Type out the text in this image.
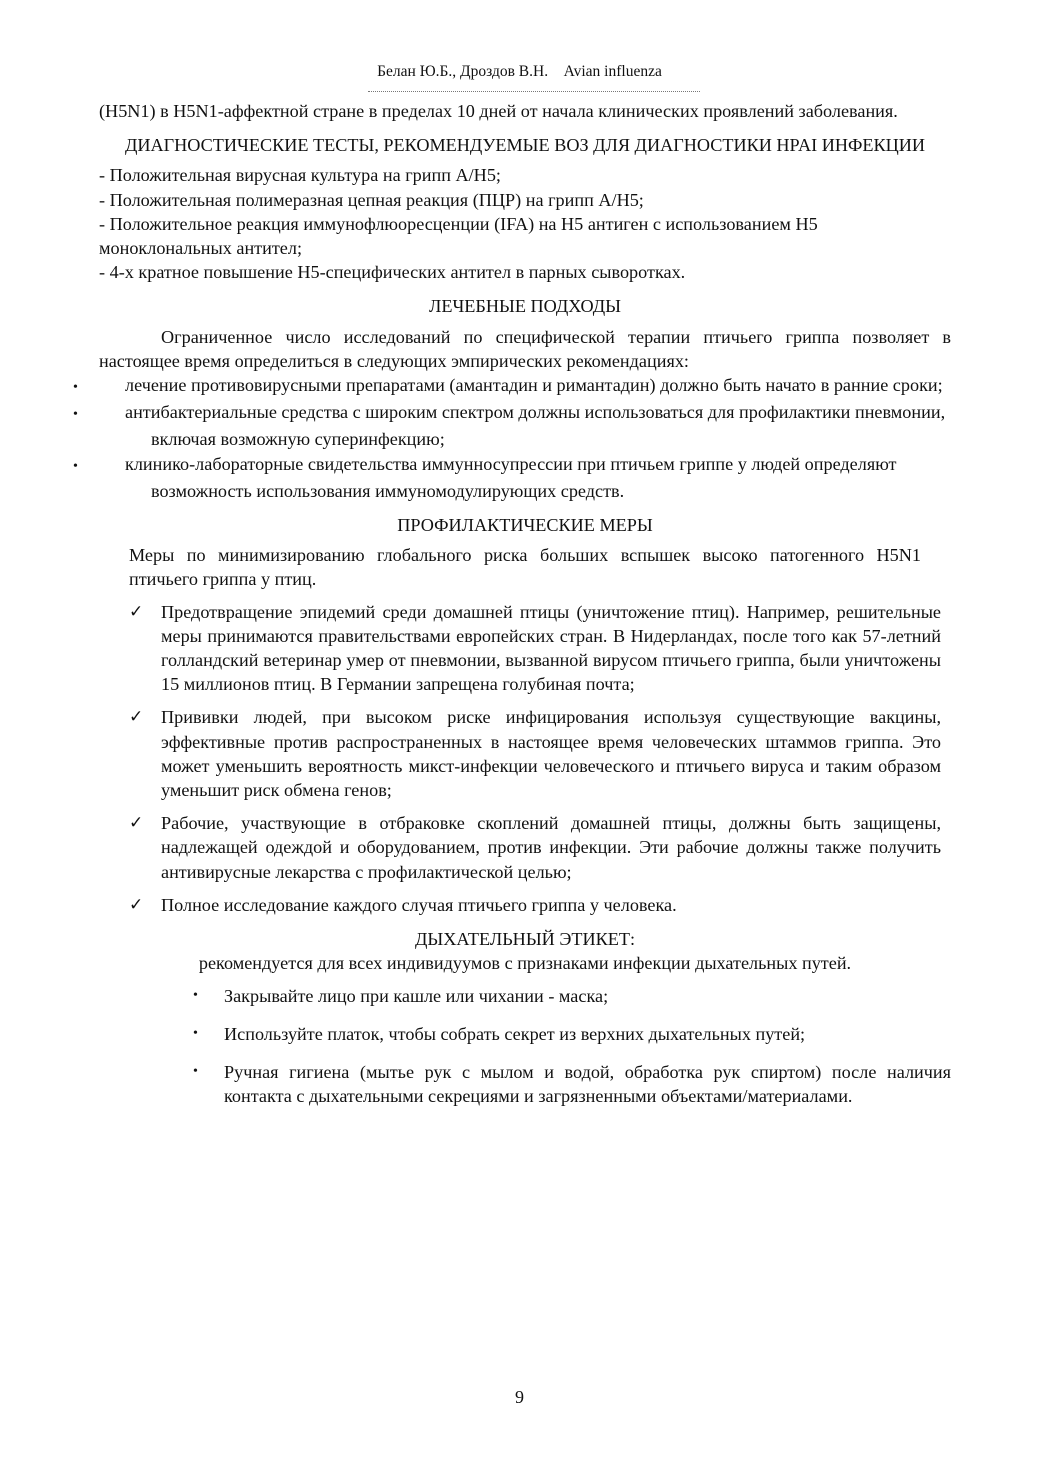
Белан Ю.Б., Дроздов В.Н. Avian influenza

(H5N1) в H5N1-аффектной стране в пределах 10 дней от начала клинических проявлений заболевания.

ДИАГНОСТИЧЕСКИЕ ТЕСТЫ, РЕКОМЕНДУЕМЫЕ ВОЗ ДЛЯ ДИАГНОСТИКИ HPAI ИНФЕКЦИИ

- Положительная вирусная культура на грипп A/H5;

- Положительная полимеразная цепная реакция (ПЦР) на грипп A/H5;

- Положительное реакция иммунофлюоресценции (IFA) на H5 антиген с использованием H5 моноклональных антител;

- 4-х кратное повышение H5-специфических антител в парных сыворотках.

ЛЕЧЕБНЫЕ ПОДХОДЫ

Ограниченное число исследований по специфической терапии птичьего гриппа позволяет в настоящее время определиться в следующих эмпирических рекомендациях:

•	лечение противовирусными препаратами (амантадин и римантадин) должно быть начато в ранние сроки;
•	антибактериальные средства с широким спектром должны использоваться для профилактики пневмонии, включая возможную суперинфекцию;
•	клинико-лабораторные свидетельства иммунносупрессии при птичьем гриппе у людей определяют возможность использования иммуномодулирующих средств.

ПРОФИЛАКТИЧЕСКИЕ МЕРЫ

Меры по минимизированию глобального риска больших вспышек высоко патогенного H5N1 птичьего гриппа у птиц.

✓ Предотвращение эпидемий среди домашней птицы (уничтожение птиц). Например, решительные меры принимаются правительствами европейских стран. В Нидерландах, после того как 57-летний голландский ветеринар умер от пневмонии, вызванной вирусом птичьего гриппа, были уничтожены 15 миллионов птиц. В Германии запрещена голубиная почта;
✓ Прививки людей, при высоком риске инфицирования используя существующие вакцины, эффективные против распространенных в настоящее время человеческих штаммов гриппа. Это может уменьшить вероятность микст-инфекции человеческого и птичьего вируса и таким образом уменьшит риск обмена генов;
✓ Рабочие, участвующие в отбраковке скоплений домашней птицы, должны быть защищены, надлежащей одеждой и оборудованием, против инфекции. Эти рабочие должны также получить антивирусные лекарства с профилактической целью;
✓ Полное исследование каждого случая птичьего гриппа у человека.

ДЫХАТЕЛЬНЫЙ ЭТИКЕТ:

рекомендуется для всех индивидуумов с признаками инфекции дыхательных путей.

• Закрывайте лицо при кашле или чихании - маска;
• Используйте платок, чтобы собрать секрет из верхних дыхательных путей;
• Ручная гигиена (мытье рук с мылом и водой, обработка рук спиртом) после наличия контакта с дыхательными секрециями и загрязненными объектами/материалами.
9
